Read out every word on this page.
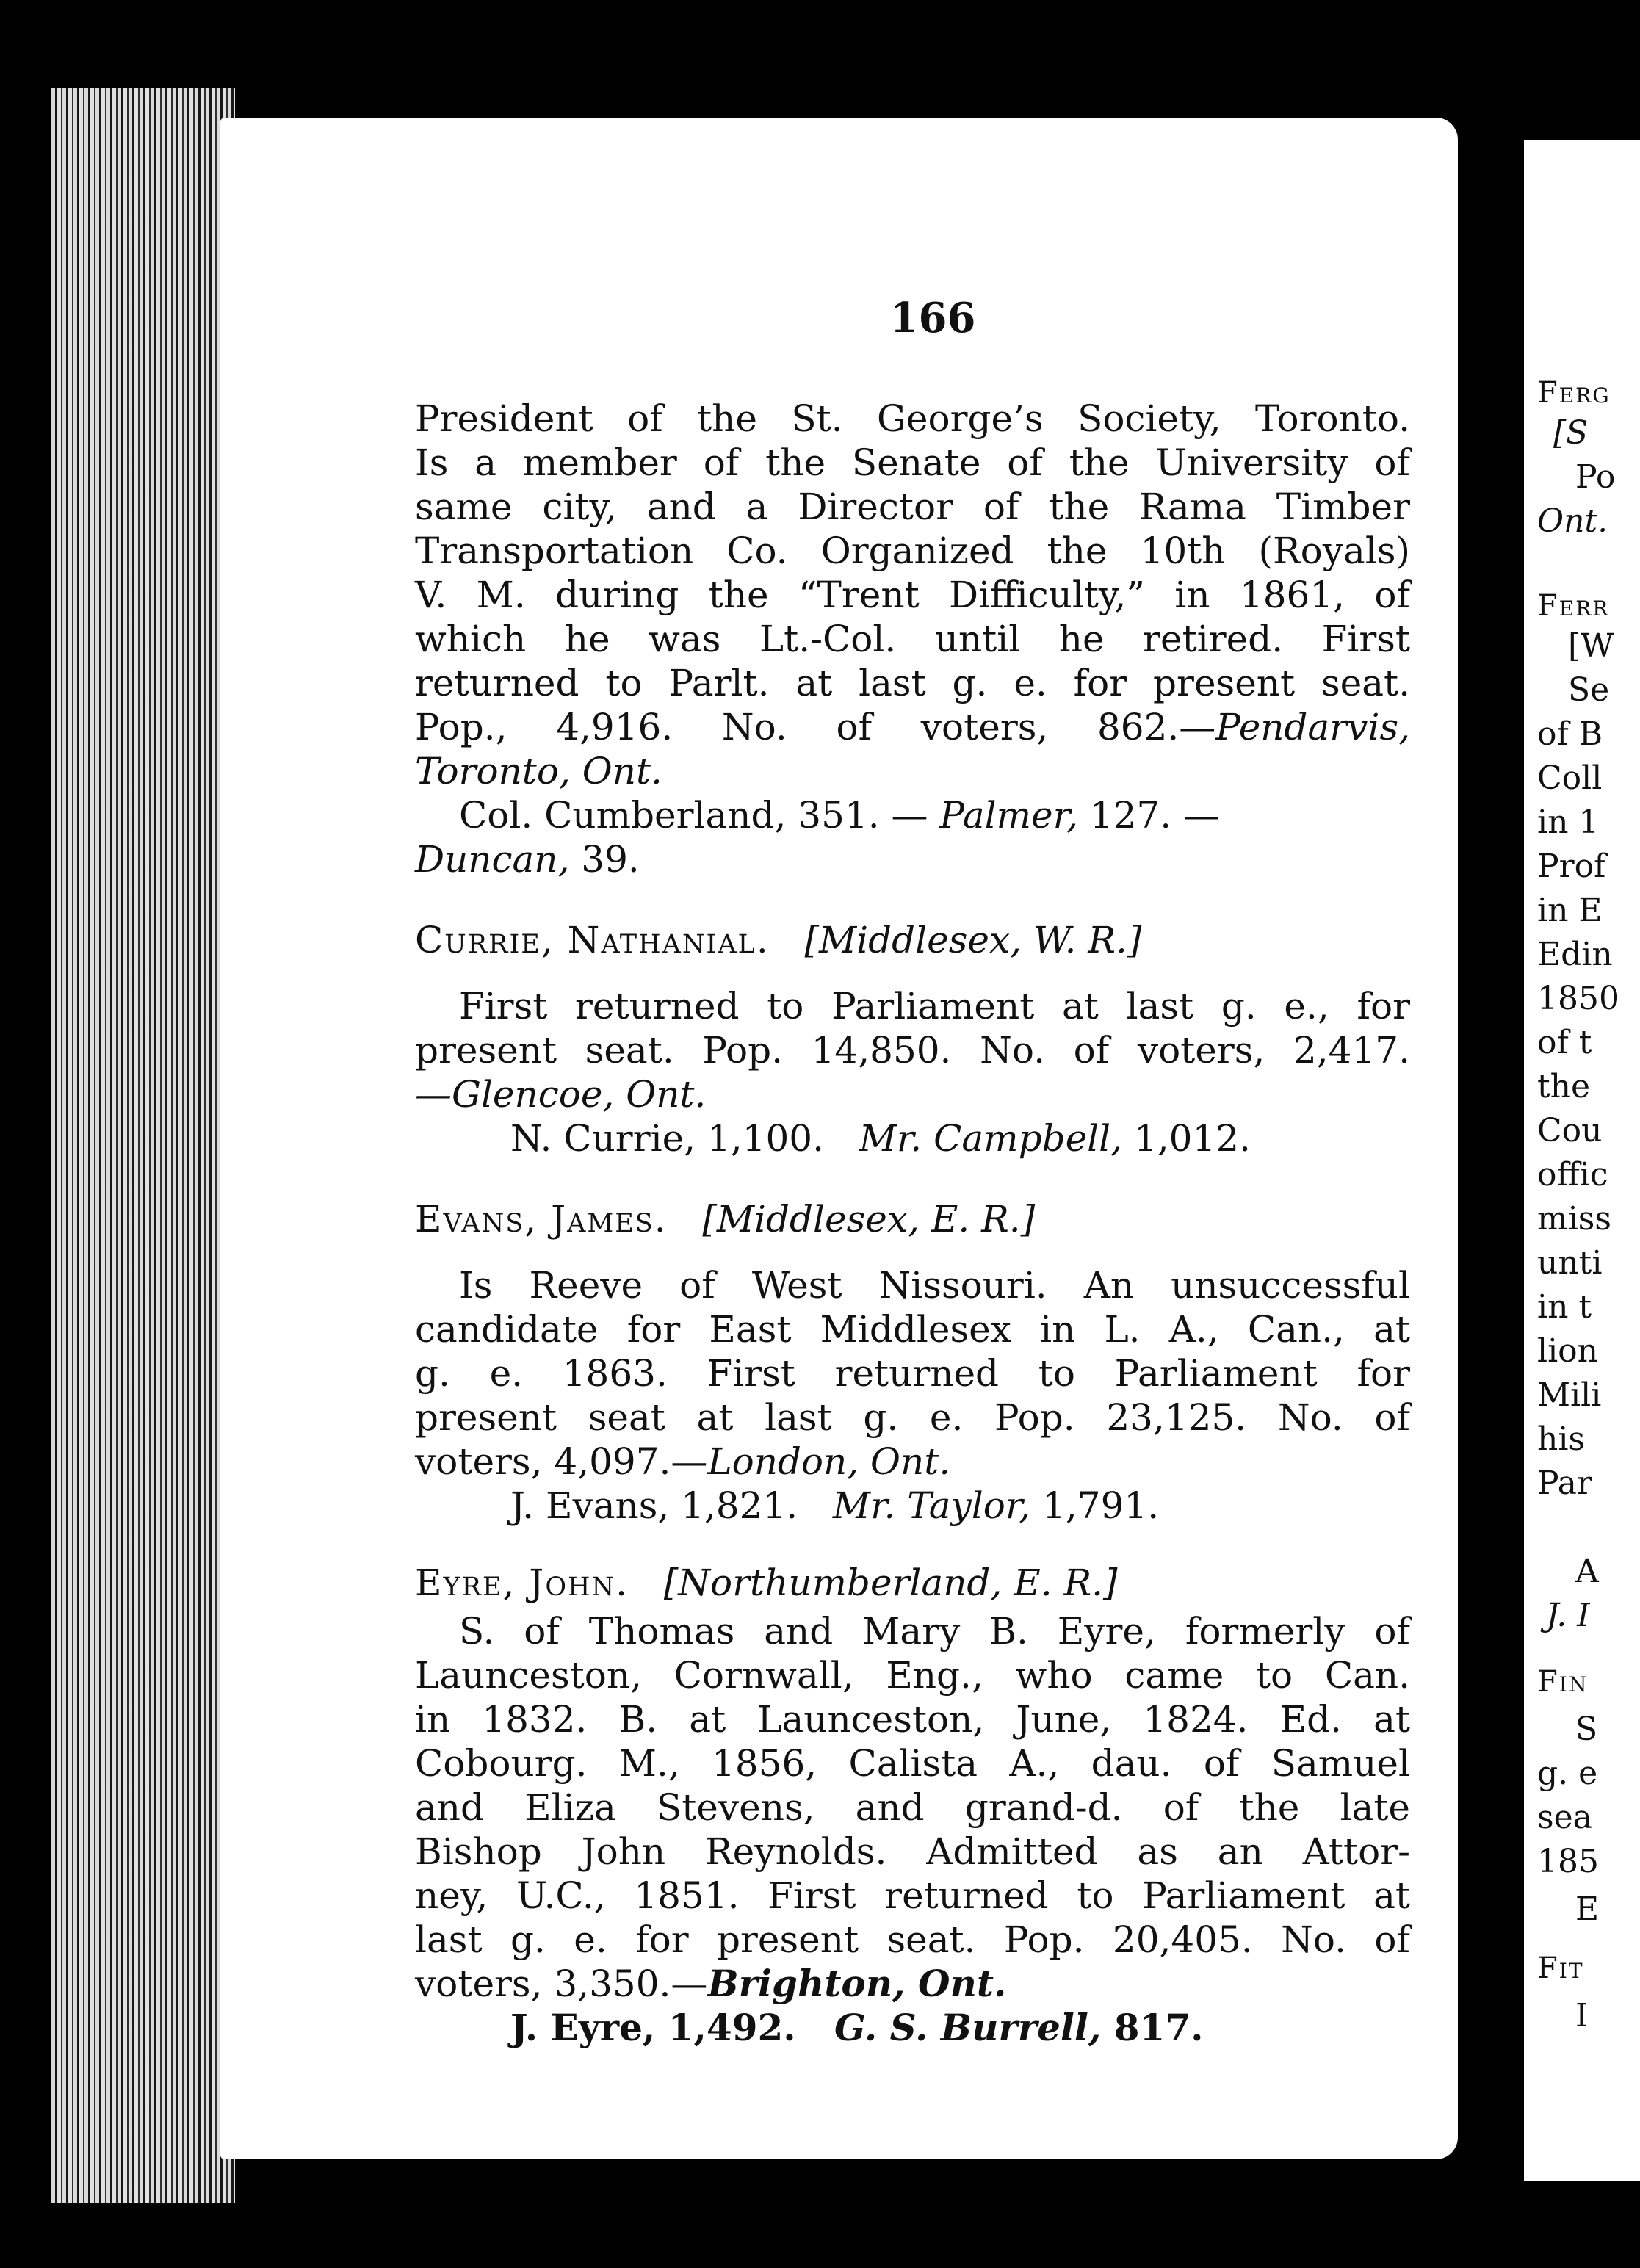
166
President of the St. George’s Society, Toronto.
Is a member of the Senate of the University of
same city, and a Director of the Rama Timber
Transportation Co. Organized the 10th (Royals)
V. M. during the “Trent Difficulty,” in 1861, of
which he was Lt.-Col. until he retired. First
returned to Parlt. at last g. e. for present seat.
Pop., 4,916. No. of voters, 862.—Pendarvis,
Toronto, Ont.
Col. Cumberland, 351. — Palmer, 127. —
Duncan, 39.
Currie, Nathanial. [Middlesex, W. R.]
First returned to Parliament at last g. e., for
present seat. Pop. 14,850. No. of voters, 2,417.
—Glencoe, Ont.
N. Currie, 1,100. Mr. Campbell, 1,012.
Evans, James. [Middlesex, E. R.]
Is Reeve of West Nissouri. An unsuccessful
candidate for East Middlesex in L. A., Can., at
g. e. 1863. First returned to Parliament for
present seat at last g. e. Pop. 23,125. No. of
voters, 4,097.—London, Ont.
J. Evans, 1,821. Mr. Taylor, 1,791.
Eyre, John. [Northumberland, E. R.]
S. of Thomas and Mary B. Eyre, formerly of
Launceston, Cornwall, Eng., who came to Can.
in 1832. B. at Launceston, June, 1824. Ed. at
Cobourg. M., 1856, Calista A., dau. of Samuel
and Eliza Stevens, and grand-d. of the late
Bishop John Reynolds. Admitted as an Attor-
ney, U.C., 1851. First returned to Parliament at
last g. e. for present seat. Pop. 20,405. No. of
voters, 3,350.—Brighton, Ont.
J. Eyre, 1,492. G. S. Burrell, 817.
Ferg
[S
Po
Ont.
Ferr
[W
Se
of B
Coll
in 1
Prof
in E
Edin
1850
of t
the
Cou
offic
miss
unti
in t
lion
Mili
his
Par
A
J. I
Fin
S
g. e
sea
185
E
Fit
I
